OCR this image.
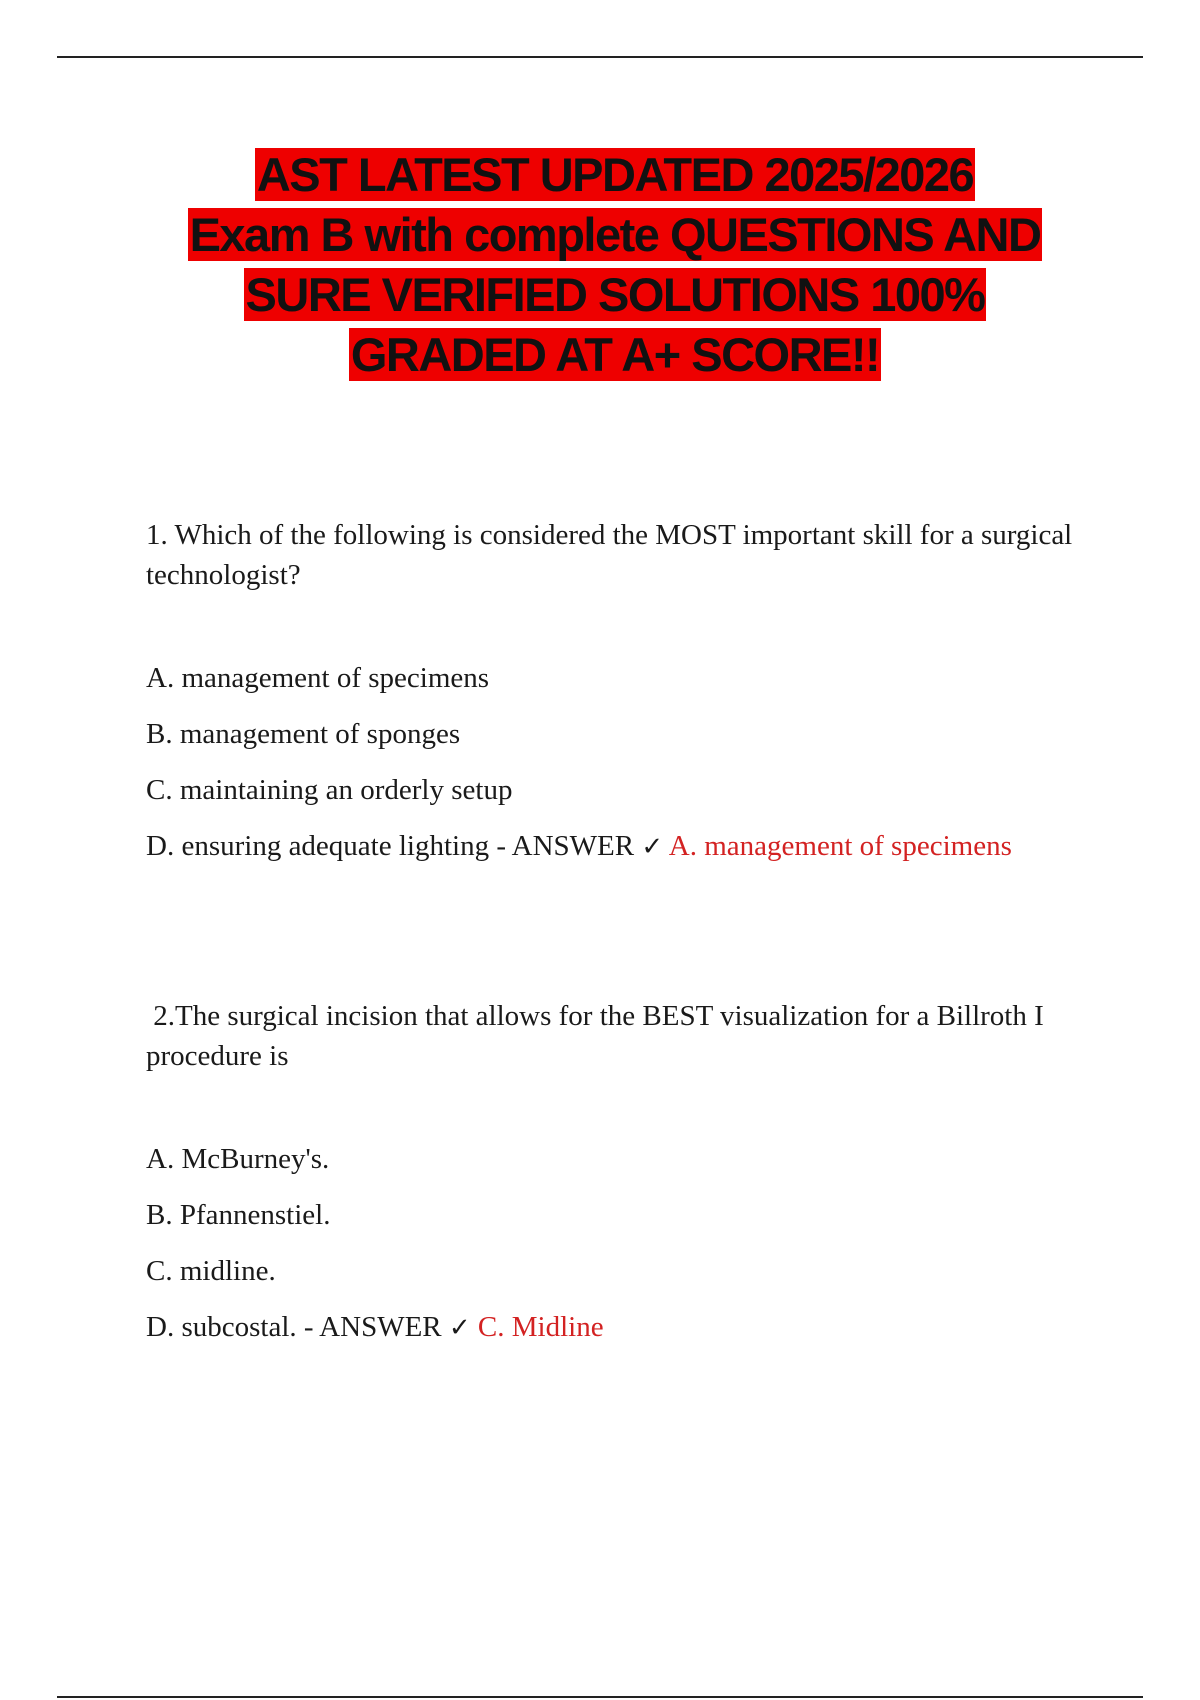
AST LATEST UPDATED 2025/2026
Exam B with complete QUESTIONS AND
SURE VERIFIED SOLUTIONS 100%
GRADED AT A+ SCORE!!
1. Which of the following is considered the MOST important skill for a surgical technologist?
A. management of specimens
B. management of sponges
C. maintaining an orderly setup
D. ensuring adequate lighting - ANSWER ✓ A. management of specimens
2.The surgical incision that allows for the BEST visualization for a Billroth I procedure is
A. McBurney's.
B. Pfannenstiel.
C. midline.
D. subcostal. - ANSWER ✓ C. Midline
